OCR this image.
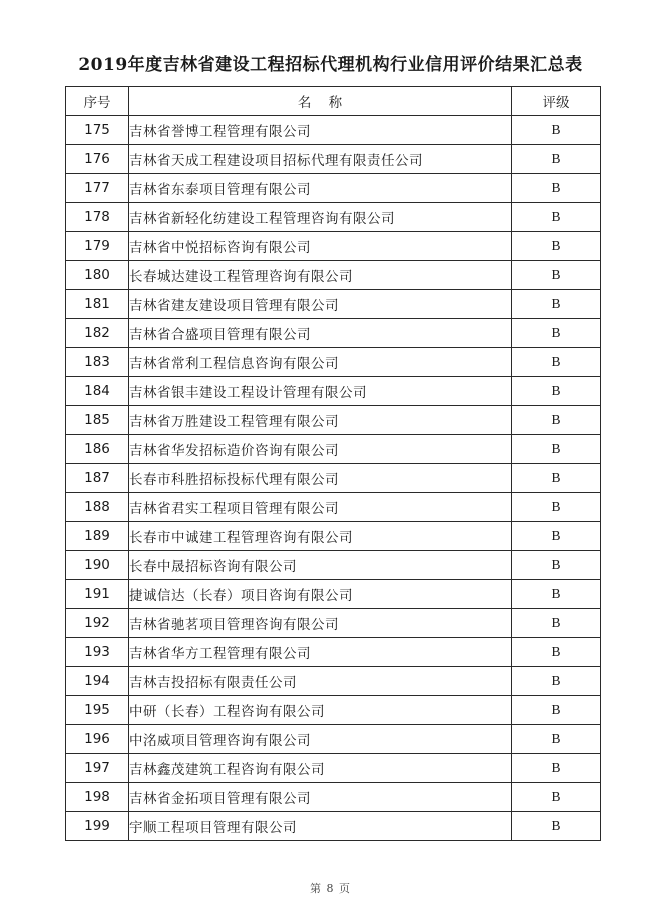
2019年度吉林省建设工程招标代理机构行业信用评价结果汇总表
序号	名    称	评级
175	吉林省誉博工程管理有限公司	B
176	吉林省天成工程建设项目招标代理有限责任公司	B
177	吉林省东泰项目管理有限公司	B
178	吉林省新轻化纺建设工程管理咨询有限公司	B
179	吉林省中悦招标咨询有限公司	B
180	长春城达建设工程管理咨询有限公司	B
181	吉林省建友建设项目管理有限公司	B
182	吉林省合盛项目管理有限公司	B
183	吉林省常利工程信息咨询有限公司	B
184	吉林省银丰建设工程设计管理有限公司	B
185	吉林省万胜建设工程管理有限公司	B
186	吉林省华发招标造价咨询有限公司	B
187	长春市科胜招标投标代理有限公司	B
188	吉林省君实工程项目管理有限公司	B
189	长春市中诚建工程管理咨询有限公司	B
190	长春中晟招标咨询有限公司	B
191	捷诚信达（长春）项目咨询有限公司	B
192	吉林省驰茗项目管理咨询有限公司	B
193	吉林省华方工程管理有限公司	B
194	吉林吉投招标有限责任公司	B
195	中研（长春）工程咨询有限公司	B
196	中洺威项目管理咨询有限公司	B
197	吉林鑫茂建筑工程咨询有限公司	B
198	吉林省金拓项目管理有限公司	B
199	宇顺工程项目管理有限公司	B
第 8 页
